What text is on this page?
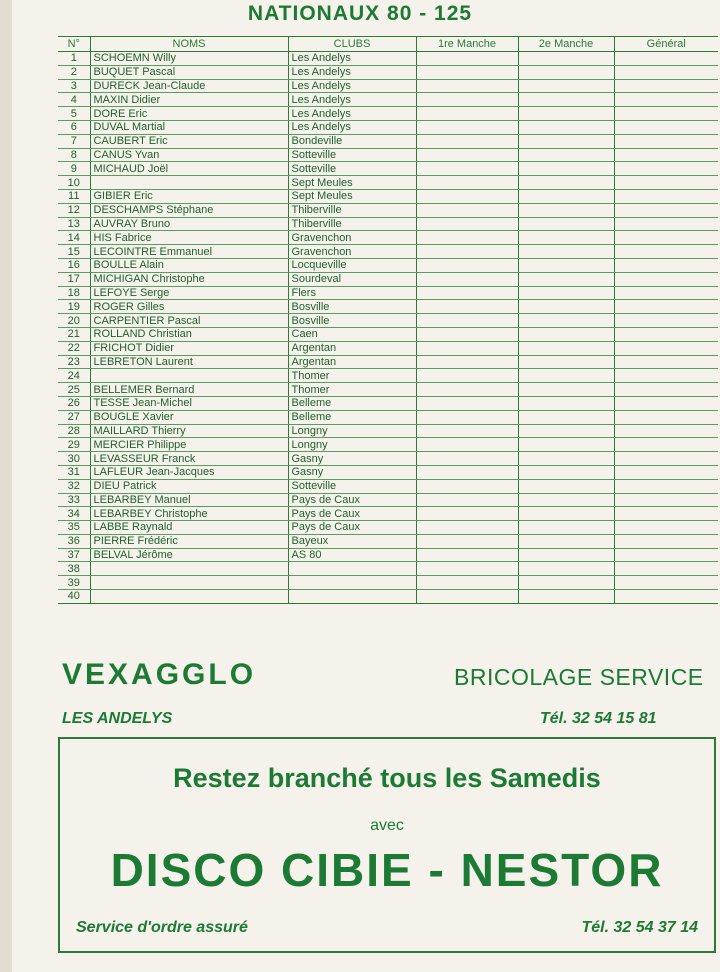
NATIONAUX 80 - 125
N°	NOMS	CLUBS	1re Manche	2e Manche	Général
1	SCHOEMN Willy	Les Andelys			
2	BUQUET Pascal	Les Andelys			
3	DURECK Jean-Claude	Les Andelys			
4	MAXIN Didier	Les Andelys			
5	DORE Eric	Les Andelys			
6	DUVAL Martial	Les Andelys			
7	CAUBERT Eric	Bondeville			
8	CANUS Yvan	Sotteville			
9	MICHAUD Joël	Sotteville			
10		Sept Meules			
11	GIBIER Eric	Sept Meules			
12	DESCHAMPS Stéphane	Thiberville			
13	AUVRAY Bruno	Thiberville			
14	HIS Fabrice	Gravenchon			
15	LECOINTRE Emmanuel	Gravenchon			
16	BOULLE Alain	Locqueville			
17	MICHIGAN Christophe	Sourdeval			
18	LEFOYE Serge	Flers			
19	ROGER Gilles	Bosville			
20	CARPENTIER Pascal	Bosville			
21	ROLLAND Christian	Caen			
22	FRICHOT Didier	Argentan			
23	LEBRETON Laurent	Argentan			
24		Thomer			
25	BELLEMER Bernard	Thomer			
26	TESSE Jean-Michel	Belleme			
27	BOUGLE Xavier	Belleme			
28	MAILLARD Thierry	Longny			
29	MERCIER Philippe	Longny			
30	LEVASSEUR Franck	Gasny			
31	LAFLEUR Jean-Jacques	Gasny			
32	DIEU Patrick	Sotteville			
33	LEBARBEY Manuel	Pays de Caux			
34	LEBARBEY Christophe	Pays de Caux			
35	LABBE Raynald	Pays de Caux			
36	PIERRE Frédéric	Bayeux			
37	BELVAL Jérôme	AS 80			
38					
39					
40					
VEXAGGLO	BRICOLAGE SERVICE
LES ANDELYS	Tél. 32 54 15 81
Restez branché tous les Samedis
avec
DISCO CIBIE - NESTOR
Service d'ordre assuré	Tél. 32 54 37 14
